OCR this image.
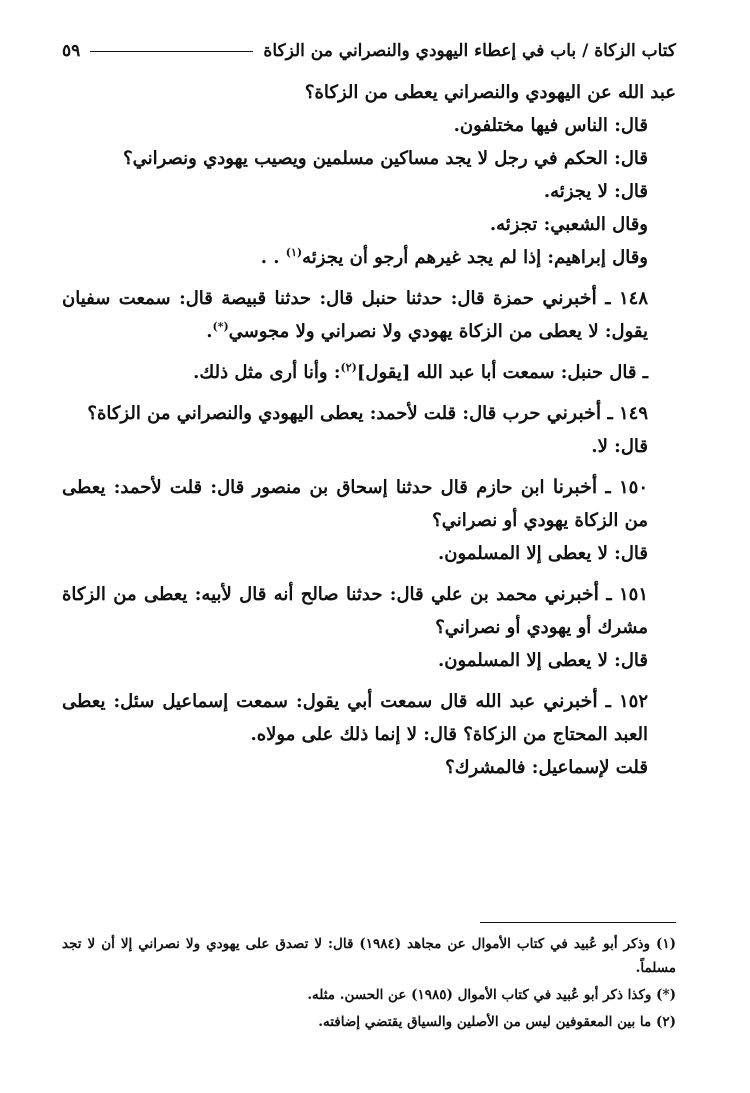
كتاب الزكاة / باب في إعطاء اليهودي والنصراني من الزكاة
٥٩

عبد الله عن اليهودي والنصراني يعطى من الزكاة؟

قال: الناس فيها مختلفون.

قال: الحكم في رجل لا يجد مساكين مسلمين ويصيب يهودي ونصراني؟

قال: لا يجزئه.

وقال الشعبي: تجزئه.

وقال إبراهيم: إذا لم يجد غيرهم أرجو أن يجزئه$^{(١)}$ . .

١٤٨ ـ أخبرني حمزة قال: حدثنا حنبل قال: حدثنا قبيصة قال: سمعت سفيان يقول: لا يعطى من الزكاة يهودي ولا نصراني ولا مجوسي(*).

ـ قال حنبل: سمعت أبا عبد الله [يقول]$^{(٢)}$: وأنا أرى مثل ذلك.

١٤٩ ـ أخبرني حرب قال: قلت لأحمد: يعطى اليهودي والنصراني من الزكاة؟

قال: لا.

١٥٠ ـ أخبرنا ابن حازم قال حدثنا إسحاق بن منصور قال: قلت لأحمد: يعطى من الزكاة يهودي أو نصراني؟

قال: لا يعطى إلا المسلمون.

١٥١ ـ أخبرني محمد بن علي قال: حدثنا صالح أنه قال لأبيه: يعطى من الزكاة مشرك أو يهودي أو نصراني؟

قال: لا يعطى إلا المسلمون.

١٥٢ ـ أخبرني عبد الله قال سمعت أبي يقول: سمعت إسماعيل سئل: يعطى العبد المحتاج من الزكاة؟ قال: لا إنما ذلك على مولاه.

قلت لإسماعيل: فالمشرك؟

(١) وذكر أبو عُبيد في كتاب الأموال عن مجاهد (١٩٨٤) قال: لا تصدق على يهودي ولا نصراني إلا أن لا تجد مسلماً.

(*) وكذا ذكر أبو عُبيد في كتاب الأموال (١٩٨٥) عن الحسن. مثله.

(٢) ما بين المعقوفين ليس من الأصلين والسياق يقتضي إضافته.
